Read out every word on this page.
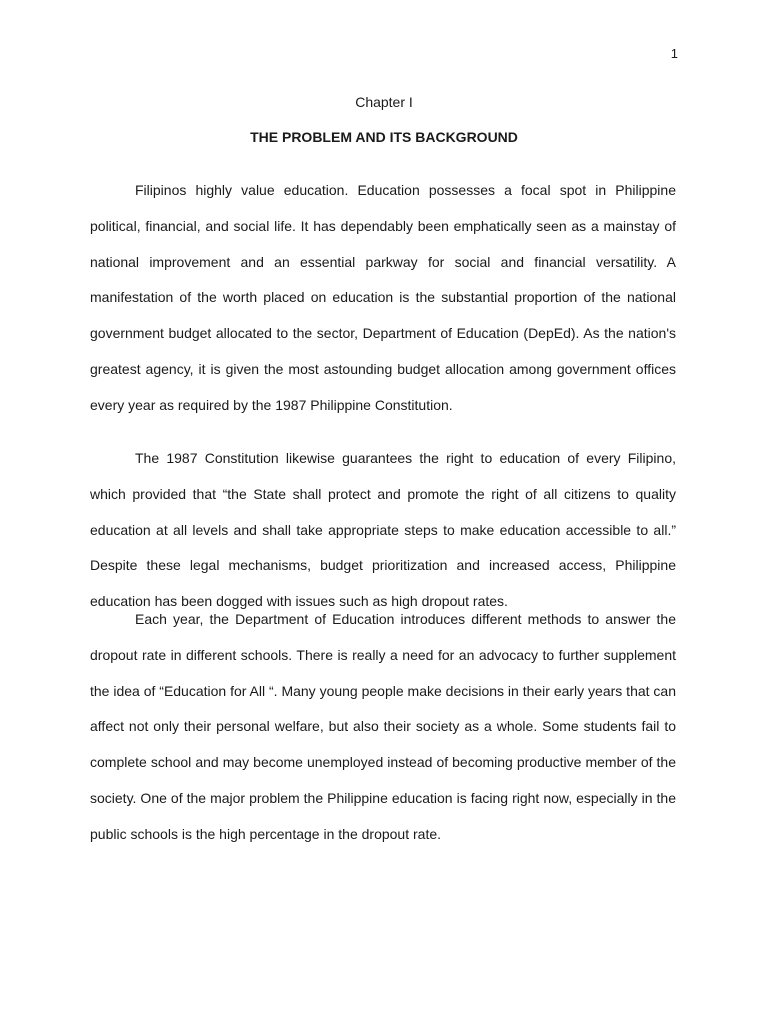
1
Chapter I
THE PROBLEM AND ITS BACKGROUND

Filipinos highly value education. Education possesses a focal spot in Philippine political, financial, and social life. It has dependably been emphatically seen as a mainstay of national improvement and an essential parkway for social and financial versatility. A manifestation of the worth placed on education is the substantial proportion of the national government budget allocated to the sector, Department of Education (DepEd). As the nation's greatest agency, it is given the most astounding budget allocation among government offices every year as required by the 1987 Philippine Constitution.

The 1987 Constitution likewise guarantees the right to education of every Filipino, which provided that “the State shall protect and promote the right of all citizens to quality education at all levels and shall take appropriate steps to make education accessible to all.” Despite these legal mechanisms, budget prioritization and increased access, Philippine education has been dogged with issues such as high dropout rates.

Each year, the Department of Education introduces different methods to answer the dropout rate in different schools. There is really a need for an advocacy to further supplement the idea of “Education for All “. Many young people make decisions in their early years that can affect not only their personal welfare, but also their society as a whole. Some students fail to complete school and may become unemployed instead of becoming productive member of the society. One of the major problem the Philippine education is facing right now, especially in the public schools is the high percentage in the dropout rate.
